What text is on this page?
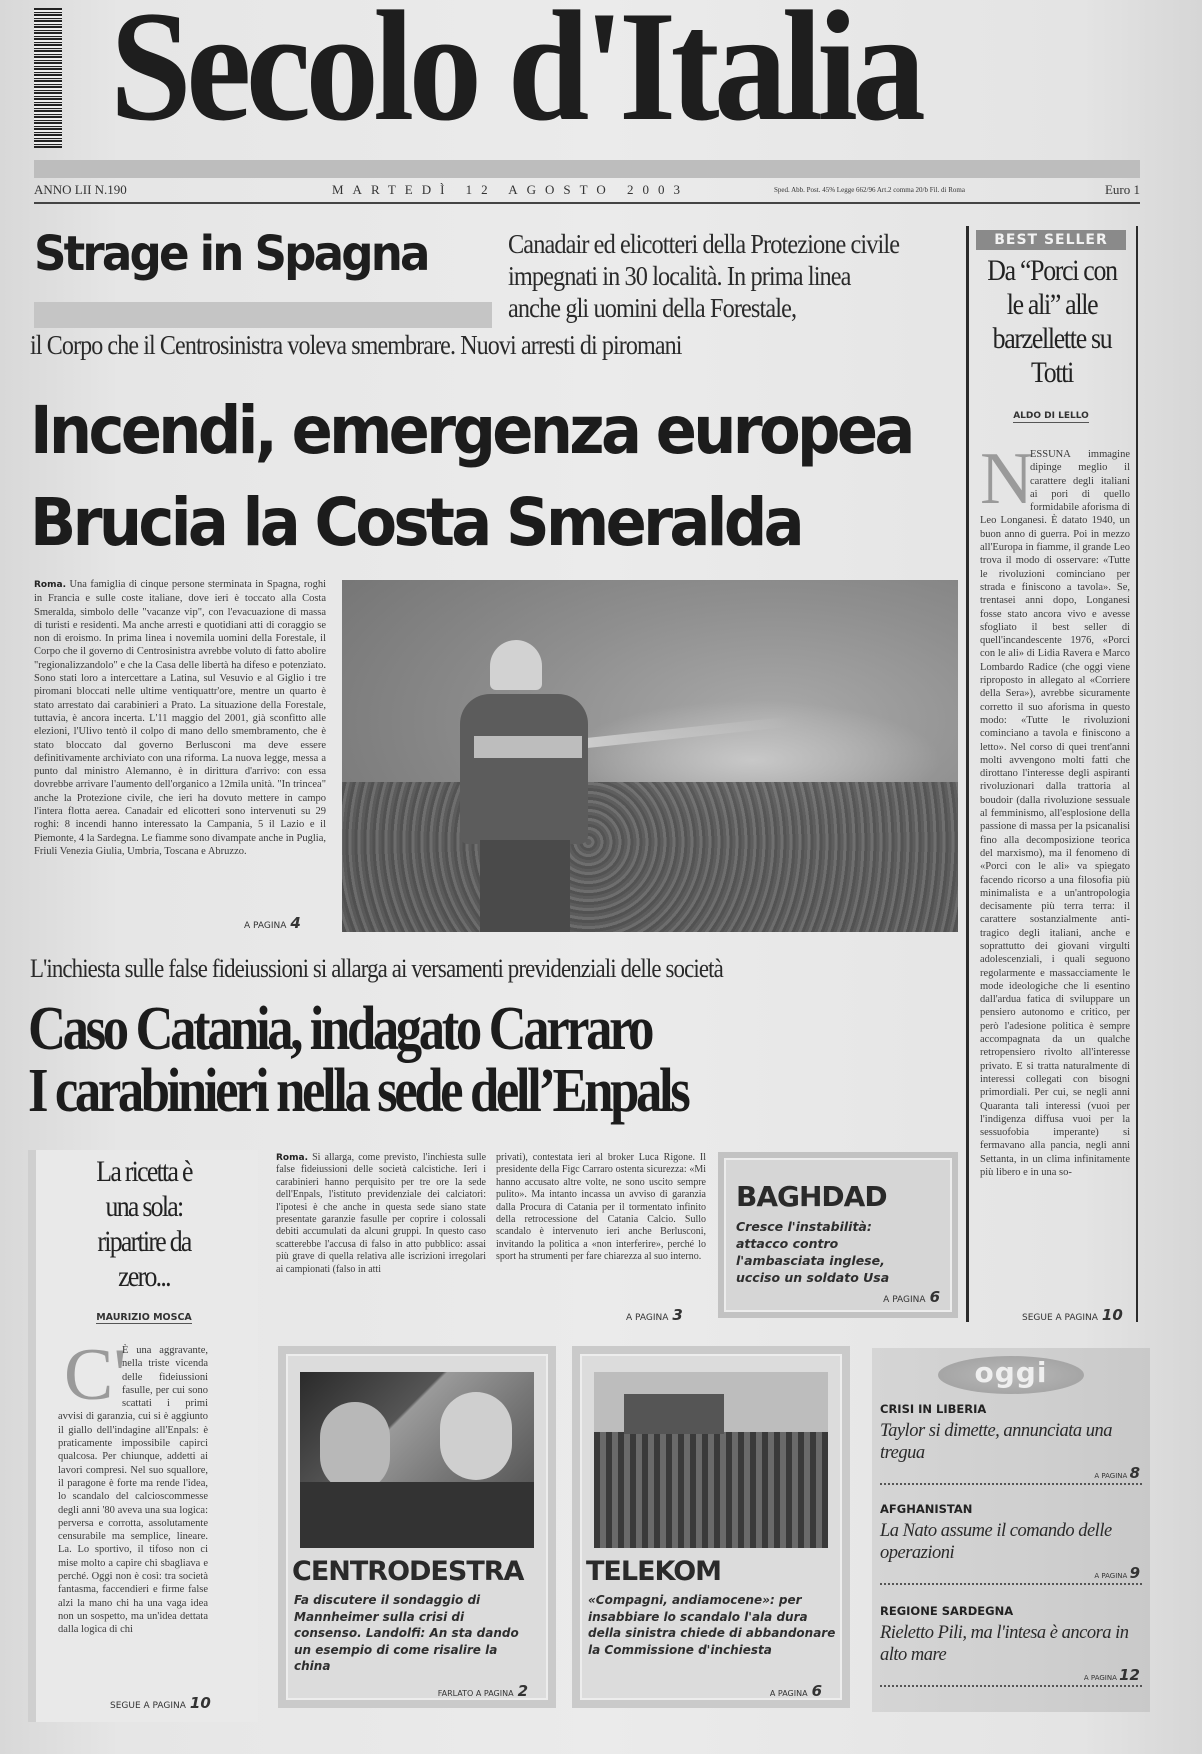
Secolo d'Italia
ANNO LII N.190	MARTEDÌ 12 AGOSTO 2003	Sped. Abb. Post. 45% Legge 662/96 Art.2 comma 20/b Fil. di Roma	Euro 1
Strage in Spagna	Canadair ed elicotteri della Protezione civile impegnati in 30 località. In prima linea anche gli uomini della Forestale,
il Corpo che il Centrosinistra voleva smembrare. Nuovi arresti di piromani
Incendi, emergenza europea
Brucia la Costa Smeralda
Roma. Una famiglia di cinque persone sterminata in Spagna, roghi in Francia e sulle coste italiane, dove ieri è toccato alla Costa Smeralda, simbolo delle "vacanze vip", con l'evacuazione di massa di turisti e residenti. Ma anche arresti e quotidiani atti di coraggio se non di eroismo. In prima linea i novemila uomini della Forestale, il Corpo che il governo di Centrosinistra avrebbe voluto di fatto abolire "regionalizzandolo" e che la Casa delle libertà ha difeso e potenziato. Sono stati loro a intercettare a Latina, sul Vesuvio e al Giglio i tre piromani bloccati nelle ultime ventiquattr'ore, mentre un quarto è stato arrestato dai carabinieri a Prato. La situazione della Forestale, tuttavia, è ancora incerta. L'11 maggio del 2001, già sconfitto alle elezioni, l'Ulivo tentò il colpo di mano dello smembramento, che è stato bloccato dal governo Berlusconi ma deve essere definitivamente archiviato con una riforma. La nuova legge, messa a punto dal ministro Alemanno, è in dirittura d'arrivo: con essa dovrebbe arrivare l'aumento dell'organico a 12mila unità. "In trincea" anche la Protezione civile, che ieri ha dovuto mettere in campo l'intera flotta aerea. Canadair ed elicotteri sono intervenuti su 29 roghi: 8 incendi hanno interessato la Campania, 5 il Lazio e il Piemonte, 4 la Sardegna. Le fiamme sono divampate anche in Puglia, Friuli Venezia Giulia, Umbria, Toscana e Abruzzo.
A PAGINA 4
BEST SELLER
Da “Porci con le ali” alle barzellette su Totti
ALDO DI LELLO
N
ESSUNA immagine dipinge meglio il carattere degli italiani ai pori di quello formidabile aforisma di Leo Longanesi. È datato 1940, un buon anno di guerra. Poi in mezzo all'Europa in fiamme, il grande Leo trova il modo di osservare: «Tutte le rivoluzioni cominciano per strada e finiscono a tavola». Se, trentasei anni dopo, Longanesi fosse stato ancora vivo e avesse sfogliato il best seller di quell'incandescente 1976, «Porci con le ali» di Lidia Ravera e Marco Lombardo Radice (che oggi viene riproposto in allegato al «Corriere della Sera»), avrebbe sicuramente corretto il suo aforisma in questo modo: «Tutte le rivoluzioni cominciano a tavola e finiscono a letto». Nel corso di quei trent'anni molti avvengono molti fatti che dirottano l'interesse degli aspiranti rivoluzionari dalla trattoria al boudoir (dalla rivoluzione sessuale al femminismo, all'esplosione della passione di massa per la psicanalisi fino alla decomposizione teorica del marxismo), ma il fenomeno di «Porci con le ali» va spiegato facendo ricorso a una filosofia più minimalista e a un'antropologia decisamente più terra terra: il carattere sostanzialmente anti-tragico degli italiani, anche e soprattutto dei giovani virgulti adolescenziali, i quali seguono regolarmente e massacciamente le mode ideologiche che li esentino dall'ardua fatica di sviluppare un pensiero autonomo e critico, per però l'adesione politica è sempre accompagnata da un qualche retropensiero rivolto all'interesse privato. E si tratta naturalmente di interessi collegati con bisogni primordiali. Per cui, se negli anni Quaranta tali interessi (vuoi per l'indigenza diffusa vuoi per la sessuofobia imperante) si fermavano alla pancia, negli anni Settanta, in un clima infinitamente più libero e in una so-
SEGUE A PAGINA 10
L'inchiesta sulle false fideiussioni si allarga ai versamenti previdenziali delle società
Caso Catania, indagato Carraro
I carabinieri nella sede dell’Enpals
La ricetta è una sola: ripartire da zero...
MAURIZIO MOSCA
C'
È una aggravante, nella triste vicenda delle fideiussioni fasulle, per cui sono scattati i primi avvisi di garanzia, cui si è aggiunto il giallo dell'indagine all'Enpals: è praticamente impossibile capirci qualcosa. Per chiunque, addetti ai lavori compresi. Nel suo squallore, il paragone è forte ma rende l'idea, lo scandalo del calcioscommesse degli anni '80 aveva una sua logica: perversa e corrotta, assolutamente censurabile ma semplice, lineare. La. Lo sportivo, il tifoso non ci mise molto a capire chi sbagliava e perché. Oggi non è così: tra società fantasma, faccendieri e firme false alzi la mano chi ha una vaga idea non un sospetto, ma un'idea dettata dalla logica di chi
SEGUE A PAGINA 10
Roma. Si allarga, come previsto, l'inchiesta sulle false fideiussioni delle società calcistiche. Ieri i carabinieri hanno perquisito per tre ore la sede dell'Enpals, l'istituto previdenziale dei calciatori: l'ipotesi è che anche in questa sede siano state presentate garanzie fasulle per coprire i colossali debiti accumulati da alcuni gruppi. In questo caso scatterebbe l'accusa di falso in atto pubblico: assai più grave di quella relativa alle iscrizioni irregolari ai campionati (falso in atti
privati), contestata ieri al broker Luca Rigone. Il presidente della Figc Carraro ostenta sicurezza: «Mi hanno accusato altre volte, ne sono uscito sempre pulito». Ma intanto incassa un avviso di garanzia dalla Procura di Catania per il tormentato infinito della retrocessione del Catania Calcio. Sullo scandalo è intervenuto ieri anche Berlusconi, invitando la politica a «non interferire», perché lo sport ha strumenti per fare chiarezza al suo interno.
A PAGINA 3
BAGHDAD
Cresce l'instabilità: attacco contro l'ambasciata inglese, ucciso un soldato Usa
A PAGINA 6
CENTRODESTRA
Fa discutere il sondaggio di Mannheimer sulla crisi di consenso. Landolfi: An sta dando un esempio di come risalire la china
FARLATO A PAGINA 2
TELEKOM
«Compagni, andiamocene»: per insabbiare lo scandalo l'ala dura della sinistra chiede di abbandonare la Commissione d'inchiesta
A PAGINA 6
oggi
CRISI IN LIBERIA
Taylor si dimette, annunciata una tregua
A PAGINA 8
AFGHANISTAN
La Nato assume il comando delle operazioni
A PAGINA 9
REGIONE SARDEGNA
Rieletto Pili, ma l'intesa è ancora in alto mare
A PAGINA 12
